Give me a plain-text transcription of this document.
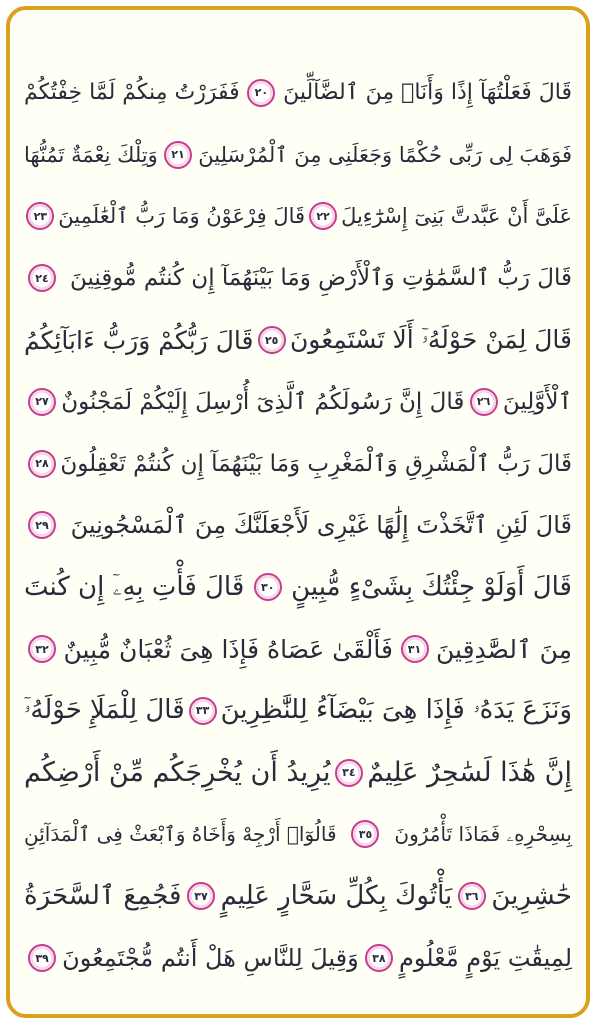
قَالَ فَعَلْتُهَآ إِذًا وَأَنَا۠ مِنَ ٱلضَّآلِّينَ
٢٠
فَفَرَرْتُ مِنكُمْ لَمَّا خِفْتُكُمْ
فَوَهَبَ لِى رَبِّى حُكْمًا وَجَعَلَنِى مِنَ ٱلْمُرْسَلِينَ
٢١
وَتِلْكَ نِعْمَةٌ تَمُنُّهَا
عَلَىَّ أَنْ عَبَّدتَّ بَنِىٓ إِسْرَٰٓءِيلَ
٢٢
قَالَ فِرْعَوْنُ وَمَا رَبُّ ٱلْعَٰلَمِينَ
٢٣
قَالَ رَبُّ ٱلسَّمَٰوَٰتِ وَٱلْأَرْضِ وَمَا بَيْنَهُمَآ إِن كُنتُم مُّوقِنِينَ
٢٤
قَالَ لِمَنْ حَوْلَهُۥٓ أَلَا تَسْتَمِعُونَ
٢٥
قَالَ رَبُّكُمْ وَرَبُّ ءَابَآئِكُمُ
ٱلْأَوَّلِينَ
٢٦
قَالَ إِنَّ رَسُولَكُمُ ٱلَّذِىٓ أُرْسِلَ إِلَيْكُمْ لَمَجْنُونٌ
٢٧
قَالَ رَبُّ ٱلْمَشْرِقِ وَٱلْمَغْرِبِ وَمَا بَيْنَهُمَآ إِن كُنتُمْ تَعْقِلُونَ
٢٨
قَالَ لَئِنِ ٱتَّخَذْتَ إِلَٰهًا غَيْرِى لَأَجْعَلَنَّكَ مِنَ ٱلْمَسْجُونِينَ
٢٩
قَالَ أَوَلَوْ جِئْتُكَ بِشَىْءٍ مُّبِينٍ
٣٠
قَالَ فَأْتِ بِهِۦٓ إِن كُنتَ
مِنَ ٱلصَّٰدِقِينَ
٣١
فَأَلْقَىٰ عَصَاهُ فَإِذَا هِىَ ثُعْبَانٌ مُّبِينٌ
٣٢
وَنَزَعَ يَدَهُۥ فَإِذَا هِىَ بَيْضَآءُ لِلنَّٰظِرِينَ
٣٣
قَالَ لِلْمَلَإِ حَوْلَهُۥٓ
إِنَّ هَٰذَا لَسَٰحِرٌ عَلِيمٌ
٣٤
يُرِيدُ أَن يُخْرِجَكُم مِّنْ أَرْضِكُم
بِسِحْرِهِۦ فَمَاذَا تَأْمُرُونَ
٣٥
قَالُوٓا۟ أَرْجِهْ وَأَخَاهُ وَٱبْعَثْ فِى ٱلْمَدَآئِنِ
حَٰشِرِينَ
٣٦
يَأْتُوكَ بِكُلِّ سَحَّارٍ عَلِيمٍ
٣٧
فَجُمِعَ ٱلسَّحَرَةُ
لِمِيقَٰتِ يَوْمٍ مَّعْلُومٍ
٣٨
وَقِيلَ لِلنَّاسِ هَلْ أَنتُم مُّجْتَمِعُونَ
٣٩
